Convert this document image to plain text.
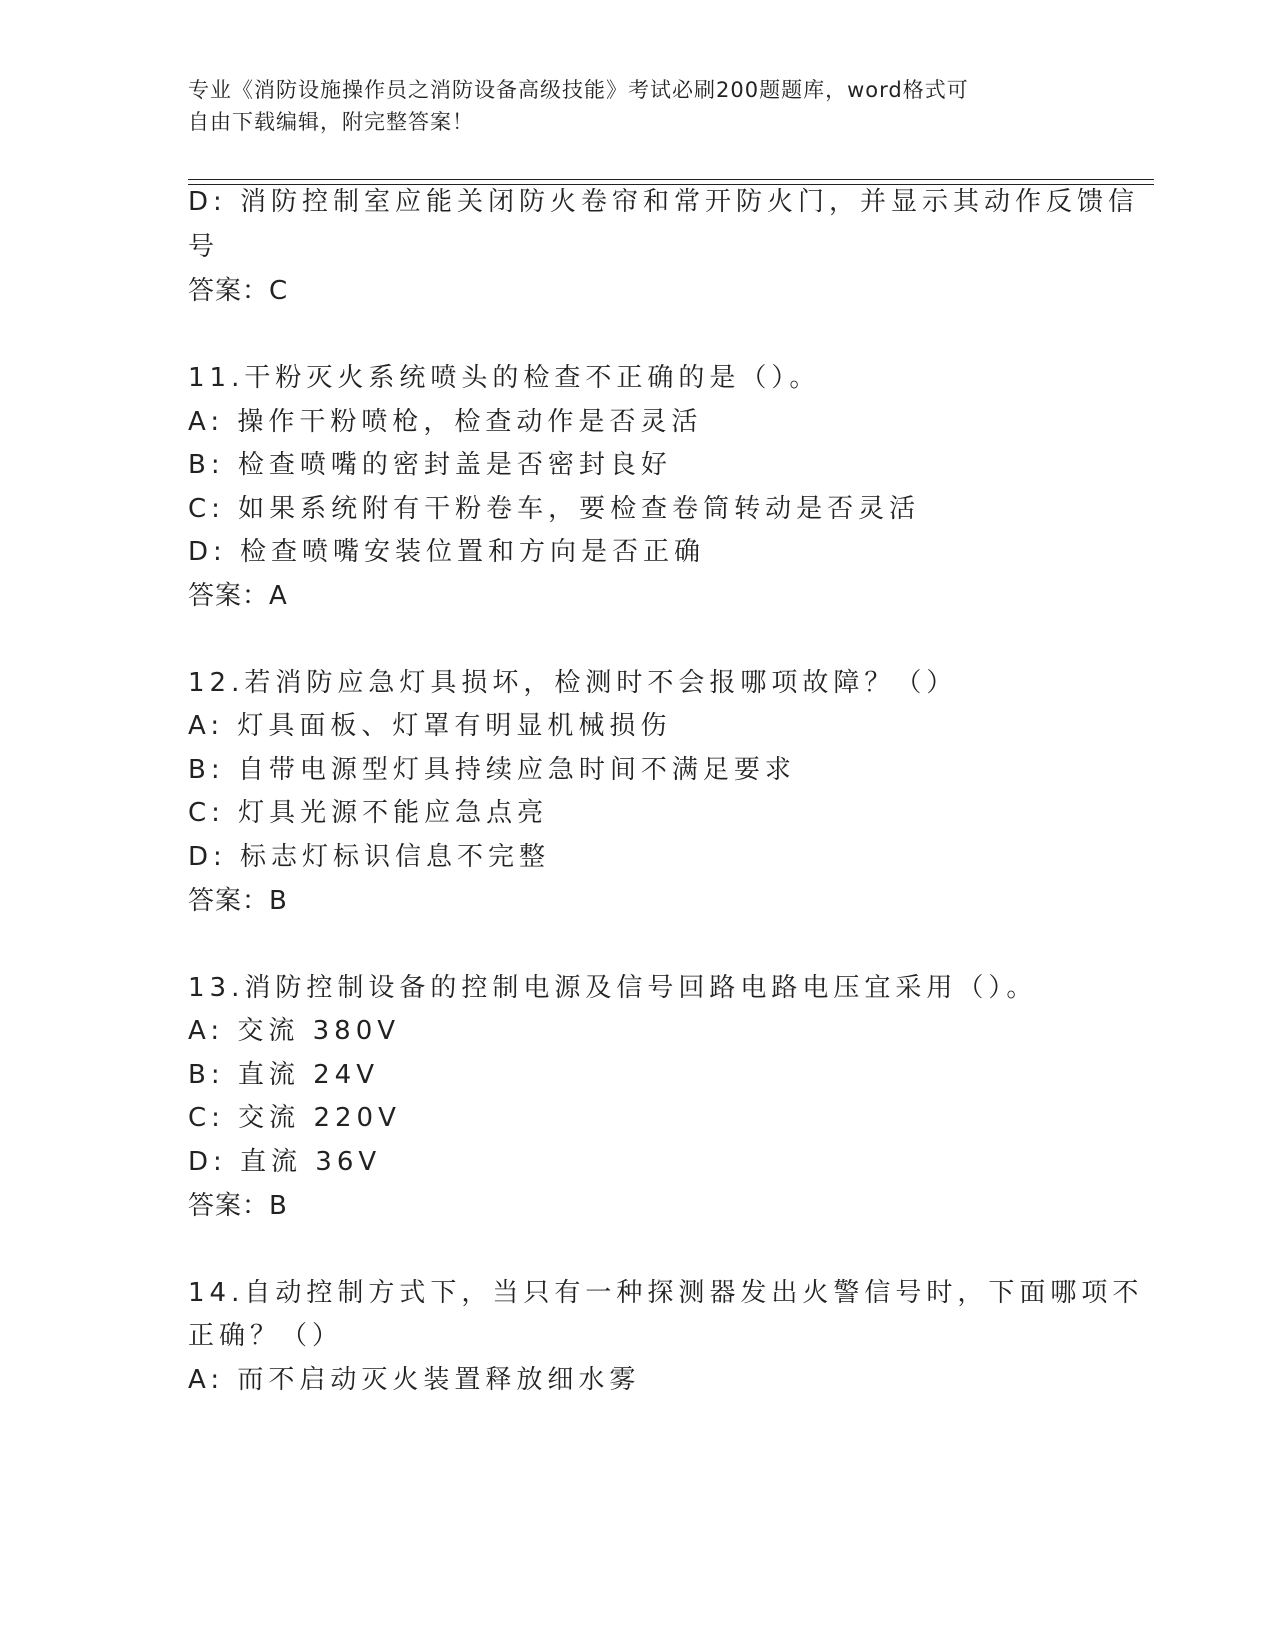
专业《消防设施操作员之消防设备高级技能》考试必刷200题题库，word格式可
自由下载编辑，附完整答案！
D: 消防控制室应能关闭防火卷帘和常开防火门，并显示其动作反馈信
号
答案：C
11.干粉灭火系统喷头的检查不正确的是（）。
A: 操作干粉喷枪，检查动作是否灵活
B: 检查喷嘴的密封盖是否密封良好
C: 如果系统附有干粉卷车，要检查卷筒转动是否灵活
D: 检查喷嘴安装位置和方向是否正确
答案：A
12.若消防应急灯具损坏，检测时不会报哪项故障？（）
A: 灯具面板、灯罩有明显机械损伤
B: 自带电源型灯具持续应急时间不满足要求
C: 灯具光源不能应急点亮
D: 标志灯标识信息不完整
答案：B
13.消防控制设备的控制电源及信号回路电路电压宜采用（）。
A: 交流 380V
B: 直流 24V
C: 交流 220V
D: 直流 36V
答案：B
14.自动控制方式下，当只有一种探测器发出火警信号时，下面哪项不
正确？（）
A: 而不启动灭火装置释放细水雾
